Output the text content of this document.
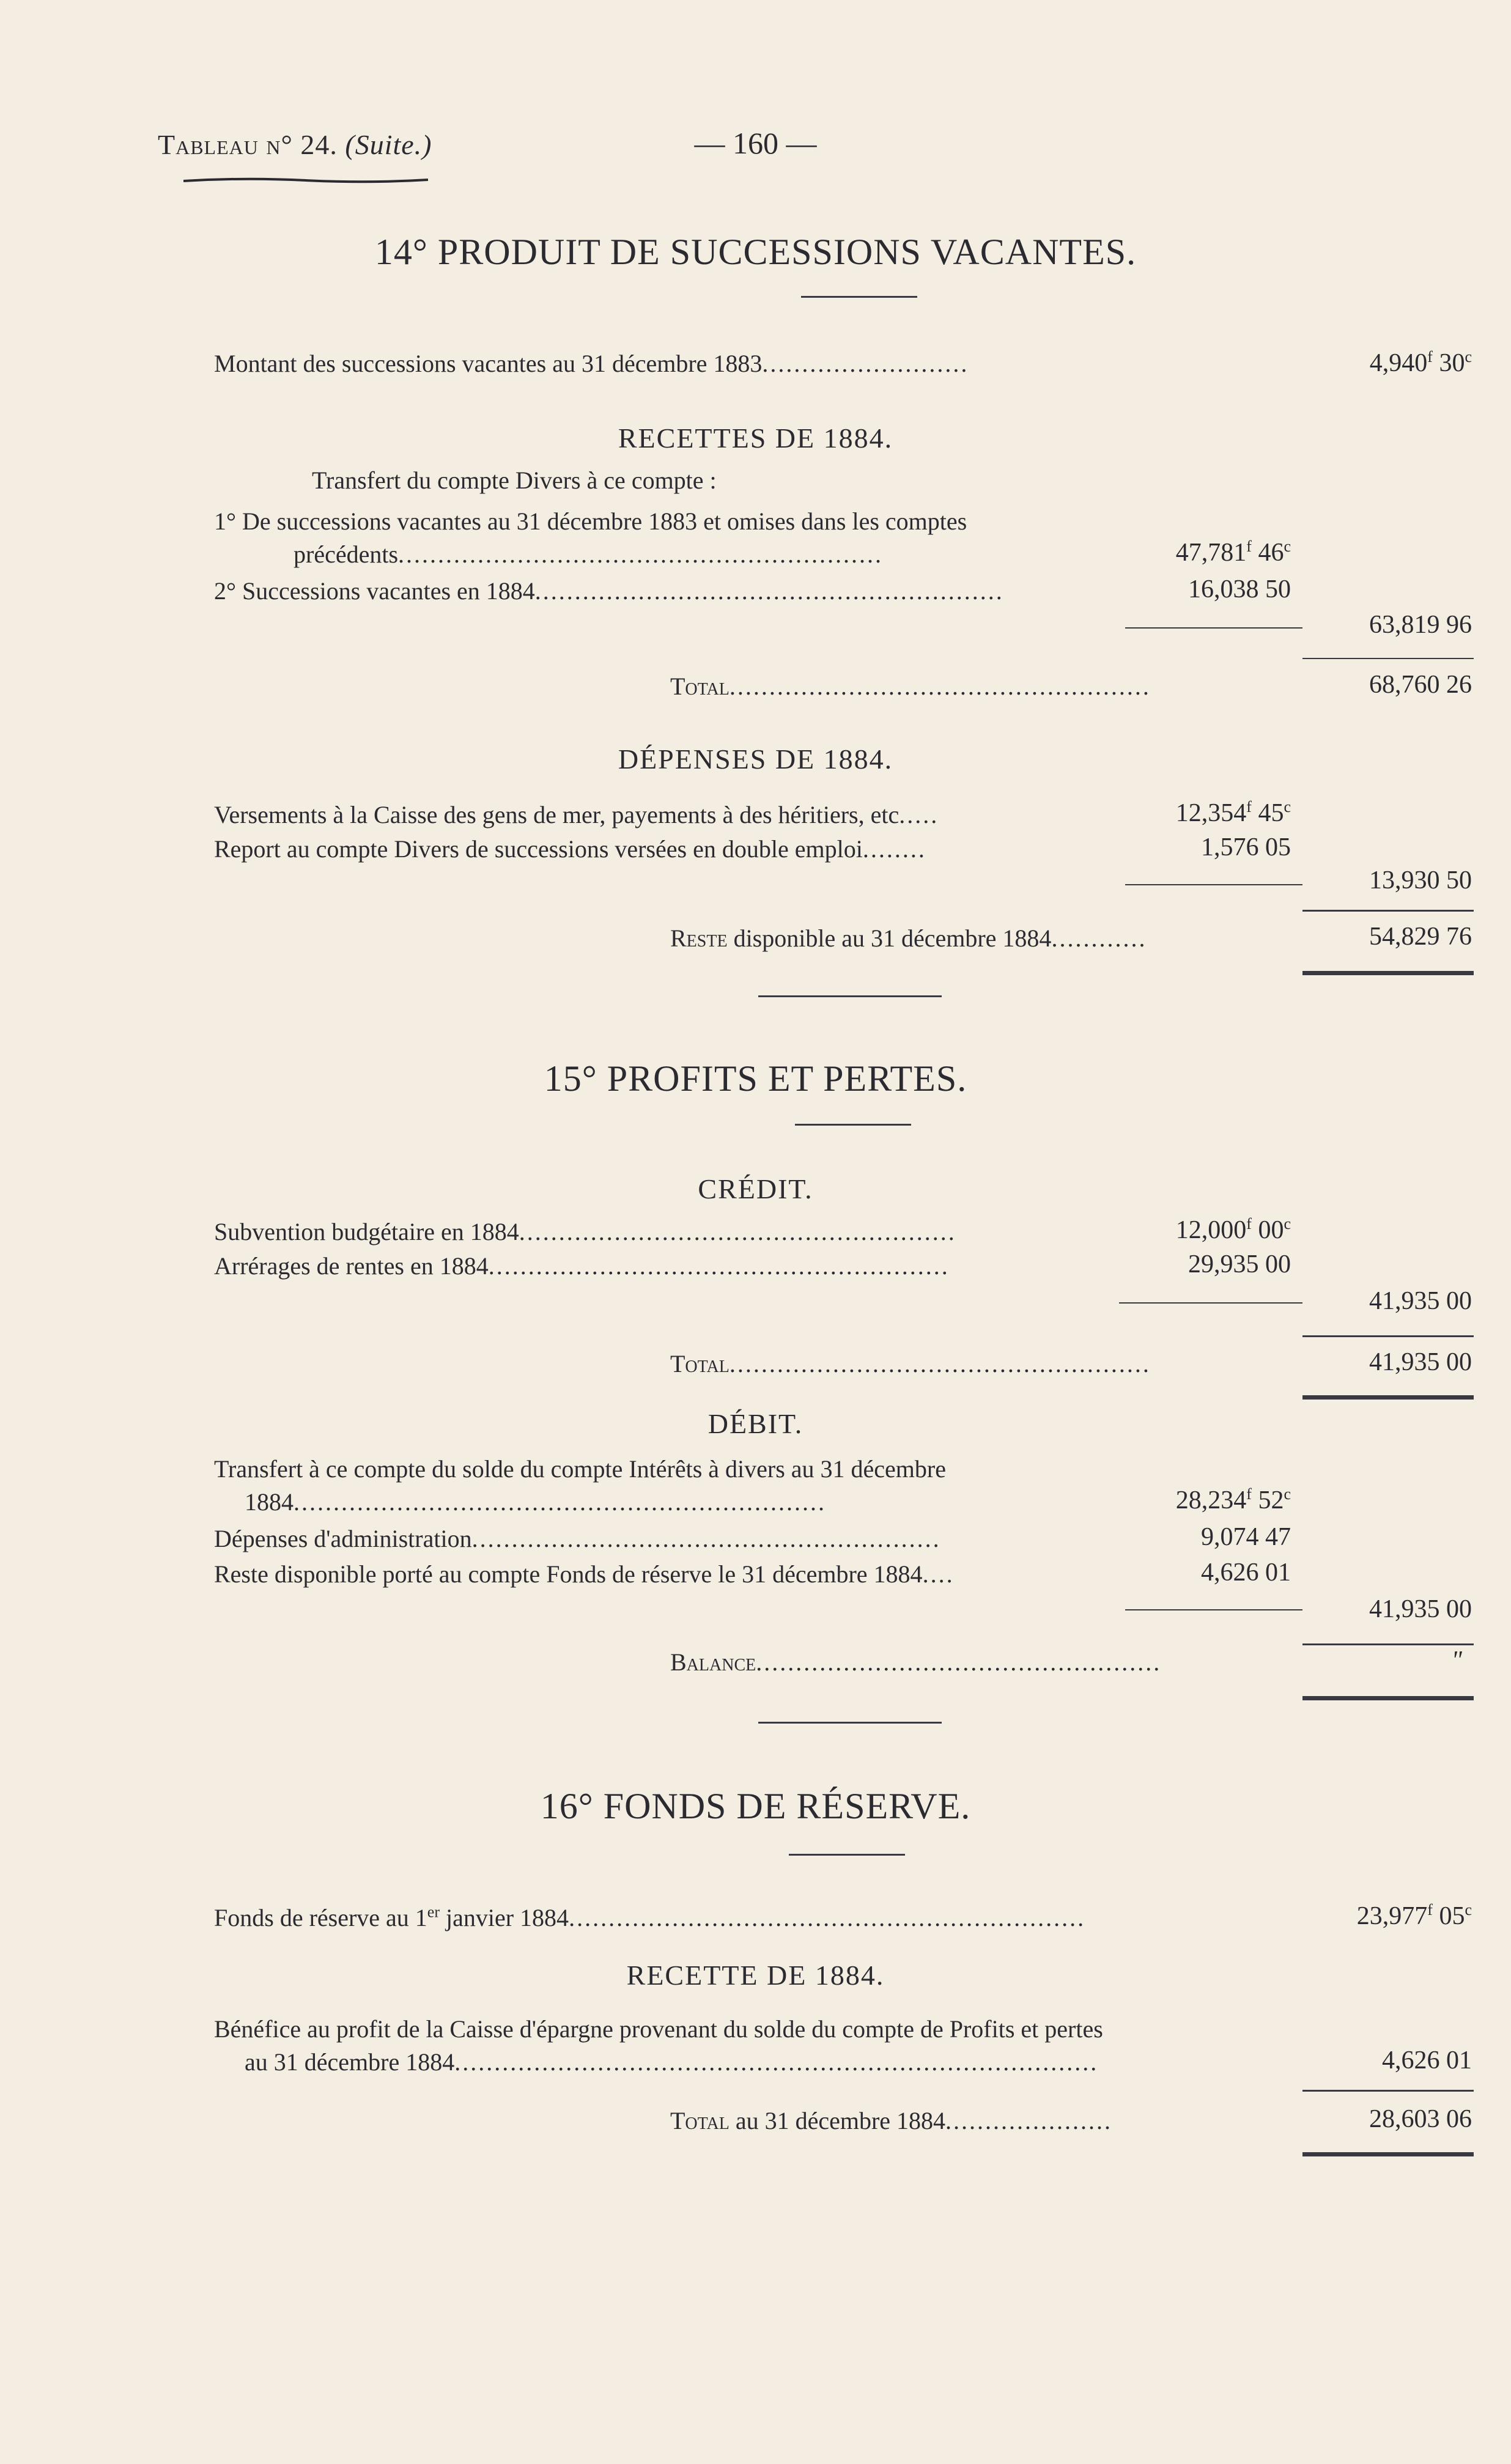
Tableau n° 24. (Suite.)	— 160 —
14° PRODUIT DE SUCCESSIONS VACANTES.
Montant des successions vacantes au 31 décembre 1883..........................	4,940$^f$ 30$^c$
RECETTES DE 1884.
Transfert du compte Divers à ce compte :
1° De successions vacantes au 31 décembre 1883 et omises dans les comptes
précédents.............................................................	47,781$^f$ 46$^c$
2° Successions vacantes en 1884...........................................................	16,038 50
63,819 96
Total.....................................................	68,760 26
DÉPENSES DE 1884.
Versements à la Caisse des gens de mer, payements à des héritiers, etc.....	12,354$^f$ 45$^c$
Report au compte Divers de successions versées en double emploi........	1,576 05
13,930 50
Reste disponible au 31 décembre 1884............	54,829 76
15° PROFITS ET PERTES.
CRÉDIT.
Subvention budgétaire en 1884.......................................................	12,000$^f$ 00$^c$
Arrérages de rentes en 1884..........................................................	29,935 00
41,935 00
Total.....................................................	41,935 00
DÉBIT.
Transfert à ce compte du solde du compte Intérêts à divers au 31 décembre
1884...................................................................	28,234$^f$ 52$^c$
Dépenses d'administration...........................................................	9,074 47
Reste disponible porté au compte Fonds de réserve le 31 décembre 1884....	4,626 01
41,935 00
Balance...................................................	"
16° FONDS DE RÉSERVE.
Fonds de réserve au 1er janvier 1884.................................................................	23,977$^f$ 05$^c$
RECETTE DE 1884.
Bénéfice au profit de la Caisse d'épargne provenant du solde du compte de Profits et pertes
au 31 décembre 1884.................................................................................	4,626 01
Total au 31 décembre 1884.....................	28,603 06
